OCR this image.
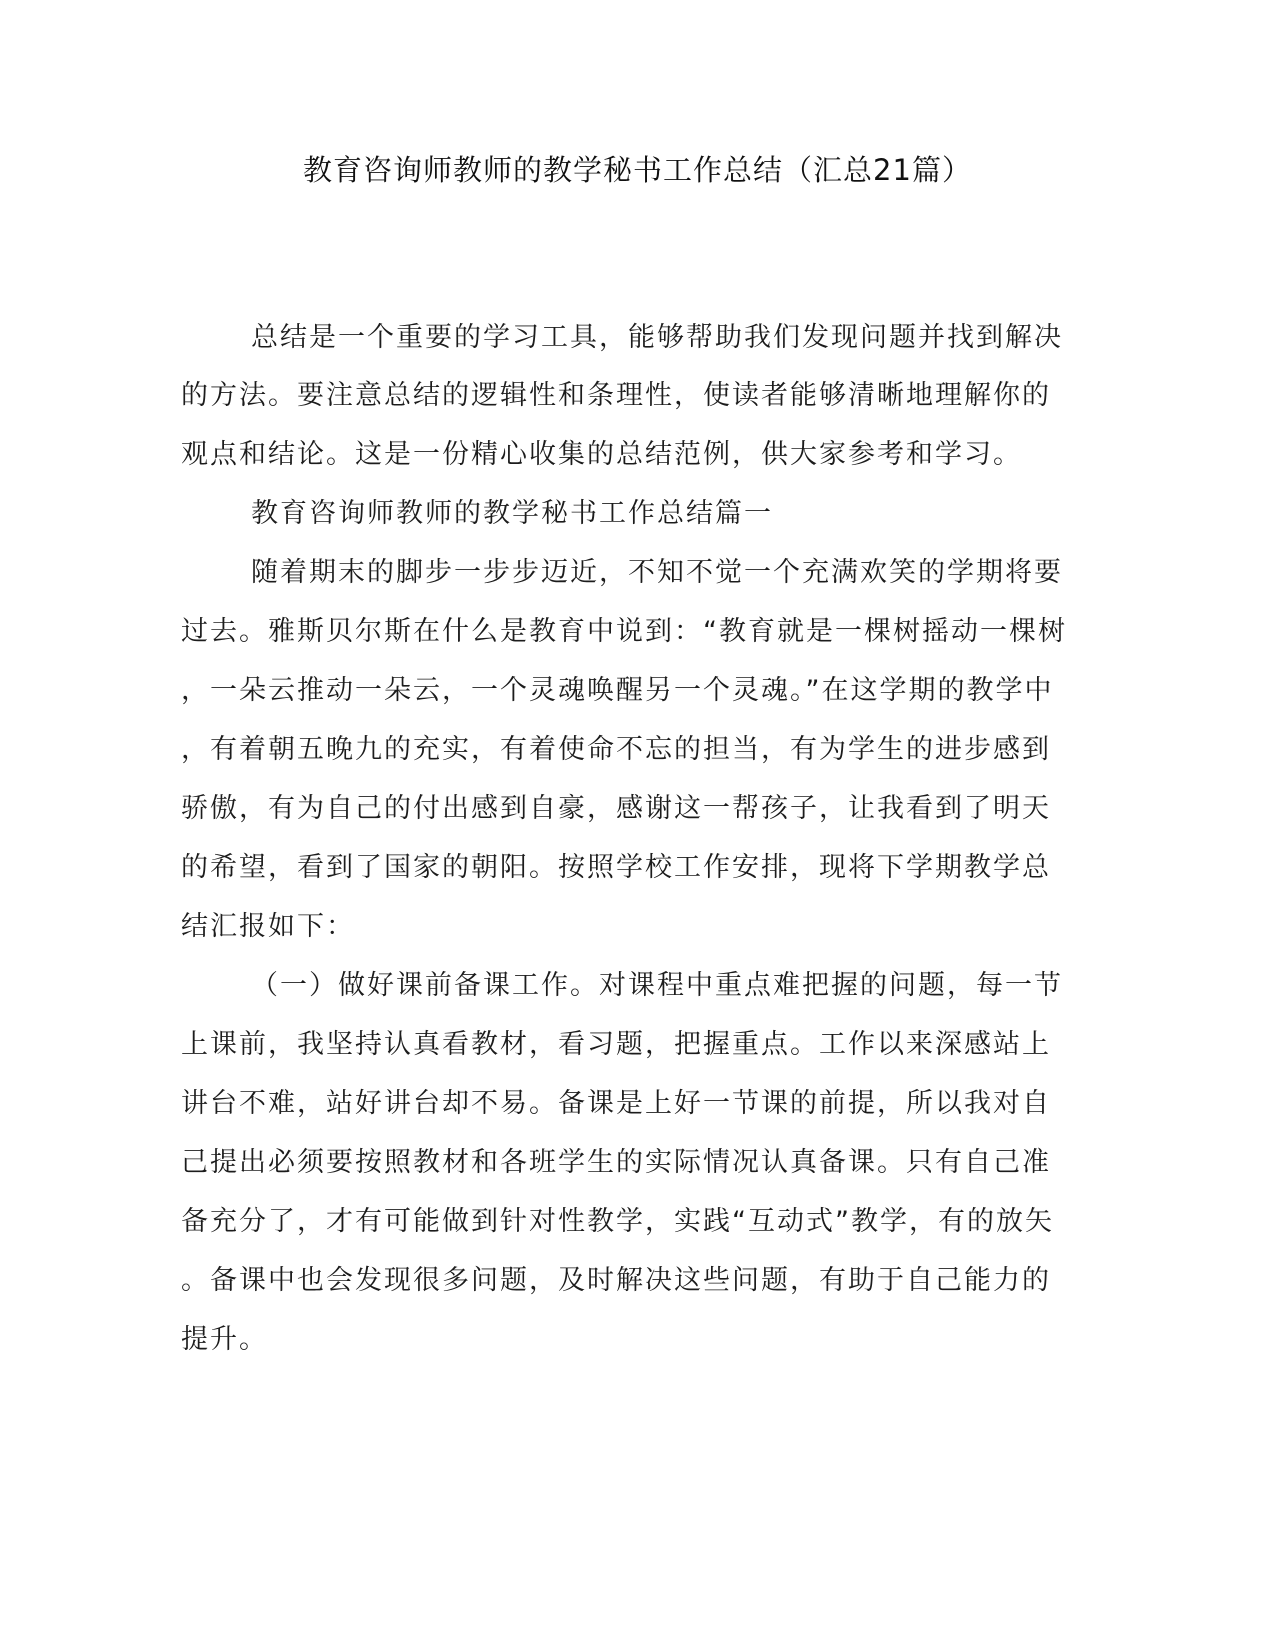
教育咨询师教师的教学秘书工作总结（汇总21篇）
总结是一个重要的学习工具，能够帮助我们发现问题并找到解决
的方法。要注意总结的逻辑性和条理性，使读者能够清晰地理解你的
观点和结论。这是一份精心收集的总结范例，供大家参考和学习。
教育咨询师教师的教学秘书工作总结篇一
随着期末的脚步一步步迈近，不知不觉一个充满欢笑的学期将要
过去。雅斯贝尔斯在什么是教育中说到：“教育就是一棵树摇动一棵树
，一朵云推动一朵云，一个灵魂唤醒另一个灵魂。”在这学期的教学中
，有着朝五晚九的充实，有着使命不忘的担当，有为学生的进步感到
骄傲，有为自己的付出感到自豪，感谢这一帮孩子，让我看到了明天
的希望，看到了国家的朝阳。按照学校工作安排，现将下学期教学总
结汇报如下：
（一）做好课前备课工作。对课程中重点难把握的问题，每一节
上课前，我坚持认真看教材，看习题，把握重点。工作以来深感站上
讲台不难，站好讲台却不易。备课是上好一节课的前提，所以我对自
己提出必须要按照教材和各班学生的实际情况认真备课。只有自己准
备充分了，才有可能做到针对性教学，实践“互动式”教学，有的放矢
。备课中也会发现很多问题，及时解决这些问题，有助于自己能力的
提升。
